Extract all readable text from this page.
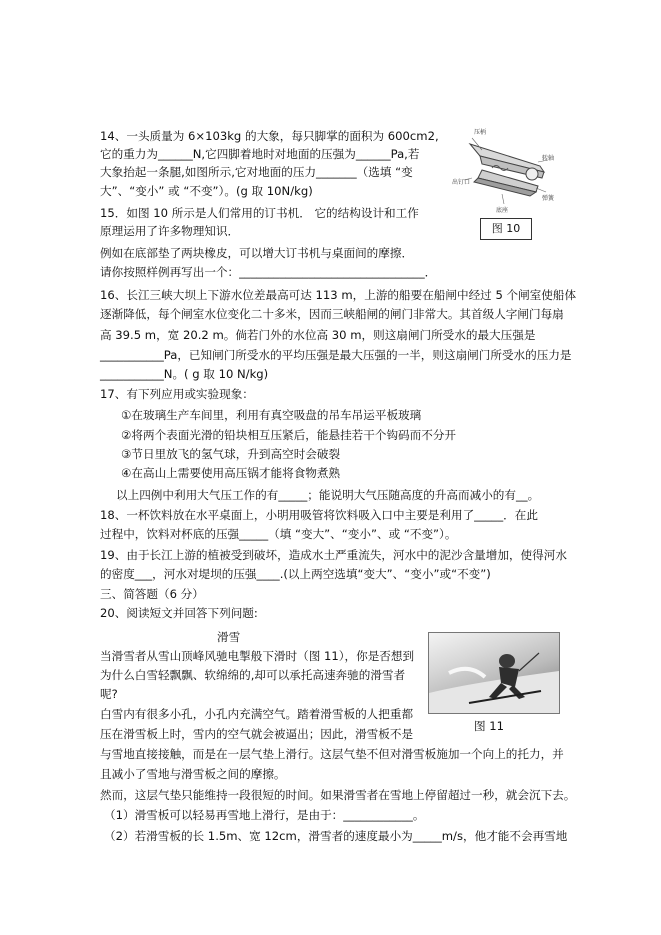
14、一头质量为 6×103kg 的大象，每只脚掌的面积为 600cm2,
它的重力为______N,它四脚着地时对地面的压强为______Pa,若
大象抬起一条腿,如图所示,它对地面的压力_______（选填 “变
大”、“变小” 或 “不变”）。(g 取 10N/kg)
15．如图 10 所示是人们常用的订书机． 它的结构设计和工作
原理运用了许多物理知识．
例如在底部垫了两块橡皮，可以增大订书机与桌面间的摩擦．
请你按照样例再写出一个：________________________________．
16、长江三峡大坝上下游水位差最高可达 113 m，上游的船要在船闸中经过 5 个闸室使船体
逐渐降低，每个闸室水位变化二十多米，因而三峡船闸的闸门非常大。其首级人字闸门每扇
高 39.5 m，宽 20.2 m。倘若门外的水位高 30 m，则这扇闸门所受水的最大压强是
___________Pa，已知闸门所受水的平均压强是最大压强的一半，则这扇闸门所受水的压力是
___________N。( g 取 10 N/kg)
17、有下列应用或实验现象：
①在玻璃生产车间里，利用有真空吸盘的吊车吊运平板玻璃
②将两个表面光滑的铅块相互压紧后，能悬挂若干个钩码而不分开
③节日里放飞的氢气球，升到高空时会破裂
④在高山上需要使用高压锅才能将食物煮熟
以上四例中利用大气压工作的有_____；能说明大气压随高度的升高而减小的有__。
18、一杯饮料放在水平桌面上，小明用吸管将饮料吸入口中主要是利用了_____．在此
过程中，饮料对杯底的压强_____（填 “变大”、“变小”、或 “不变”）。
19、由于长江上游的植被受到破坏，造成水土严重流失，河水中的泥沙含量增加，使得河水
的密度___，河水对堤坝的压强____.(以上两空选填“变大”、“变小”或“不变”)
三、简答题（6 分）
20、阅读短文并回答下列问题:
滑雪
当滑雪者从雪山顶峰风驰电掣般下滑时（图 11），你是否想到
为什么白雪轻飘飘、软绵绵的,却可以承托高速奔驰的滑雪者
呢?
白雪内有很多小孔，小孔内充满空气。踏着滑雪板的人把重都
压在滑雪板上时，雪内的空气就会被逼出；因此，滑雪板不是
与雪地直接接触，而是在一层气垫上滑行。这层气垫不但对滑雪板施加一个向上的托力，并
且减小了雪地与滑雪板之间的摩擦。
然而，这层气垫只能维持一段很短的时间。如果滑雪者在雪地上停留超过一秒，就会沉下去。
（1）滑雪板可以轻易再雪地上滑行，是由于：____________。
（2）若滑雪板的长 1.5m、宽 12cm，滑雪者的速度最小为_____m/s，他才能不会再雪地
压柄
转轴
出钉口
弹簧
底座
图 10
图 11
